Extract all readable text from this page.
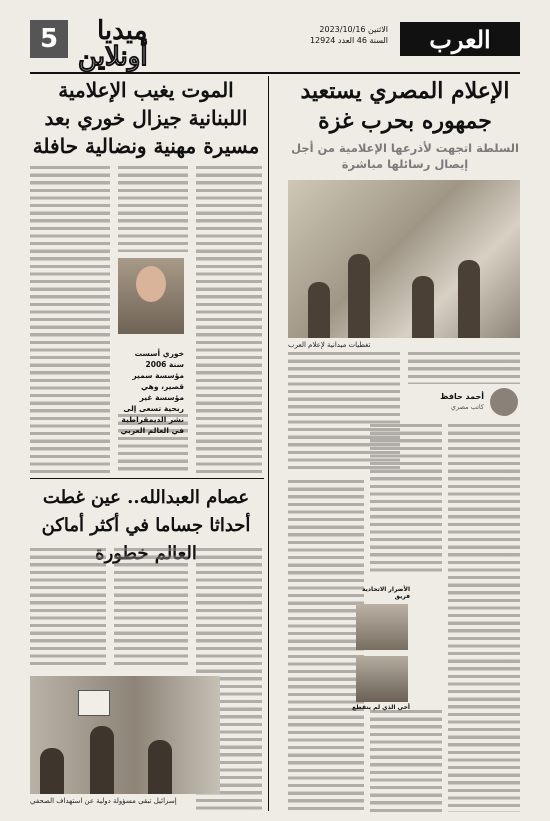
العرب
الاثنين 2023/10/16
السنة 46 العدد 12924
5	ميديا
أونلاين
الإعلام المصري يستعيد جمهوره بحرب غزة
السلطة اتجهت لأذرعها الإعلامية من أجل إيصال رسائلها مباشرة
تغطيات ميدانية لإعلام العرب
أحمد حافظ
كاتب مصري
الأضرار الاتحادية فريق
أخي الذي لم ينقطع
الموت يغيب الإعلامية اللبنانية جيزال خوري بعد مسيرة مهنية ونضالية حافلة
خوري أسست سنة 2006 مؤسسة سمير قصير، وهي مؤسسة غير ربحية تسعى إلى نشر الديمقراطية في العالم العربي
عصام العبدالله.. عين غطت أحداثا جساما في أكثر أماكن العالم خطورة
إسرائيل تبقى مسؤولة دولية عن استهداف الصحفي
